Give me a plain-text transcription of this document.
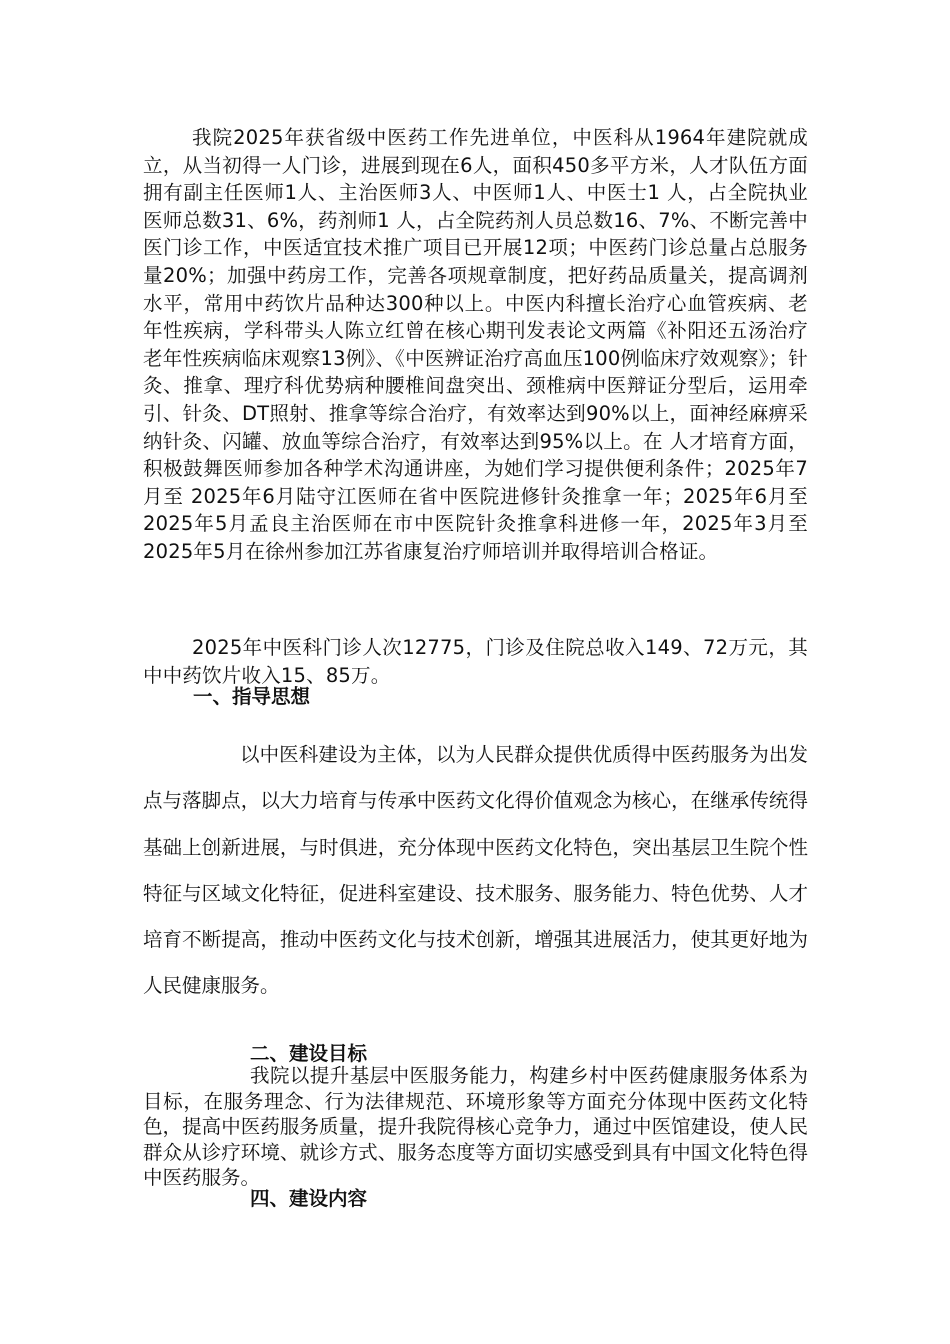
我院2025年获省级中医药工作先进单位，中医科从1964年建院就成立，从当初得一人门诊，进展到现在6人，面积450多平方米，人才队伍方面拥有副主任医师1人、主治医师3人、中医师1人、中医士1 人，占全院执业医师总数31、6%，药剂师1 人，占全院药剂人员总数16、7%、不断完善中医门诊工作，中医适宜技术推广项目已开展12项；中医药门诊总量占总服务量20%；加强中药房工作，完善各项规章制度，把好药品质量关，提高调剂水平，常用中药饮片品种达300种以上。中医内科擅长治疗心血管疾病、老年性疾病，学科带头人陈立红曾在核心期刊发表论文两篇《补阳还五汤治疗老年性疾病临床观察13例》、《中医辨证治疗高血压100例临床疗效观察》；针灸、推拿、理疗科优势病种腰椎间盘突出、颈椎病中医辩证分型后，运用牵引、针灸、DT照射、推拿等综合治疗，有效率达到90%以上，面神经麻痹采纳针灸、闪罐、放血等综合治疗，有效率达到95%以上。在 人才培育方面，积极鼓舞医师参加各种学术沟通讲座，为她们学习提供便利条件；2025年7月至 2025年6月陆守江医师在省中医院进修针灸推拿一年；2025年6月至2025年5月孟良主治医师在市中医院针灸推拿科进修一年，2025年3月至 2025年5月在徐州参加江苏省康复治疗师培训并取得培训合格证。

2025年中医科门诊人次12775，门诊及住院总收入149、72万元，其中中药饮片收入15、85万。

一、指导思想

以中医科建设为主体，以为人民群众提供优质得中医药服务为出发点与落脚点，以大力培育与传承中医药文化得价值观念为核心，在继承传统得基础上创新进展，与时俱进，充分体现中医药文化特色，突出基层卫生院个性特征与区域文化特征，促进科室建设、技术服务、服务能力、特色优势、人才培育不断提高，推动中医药文化与技术创新，增强其进展活力，使其更好地为人民健康服务。

二、建设目标

我院以提升基层中医服务能力，构建乡村中医药健康服务体系为目标，在服务理念、行为法律规范、环境形象等方面充分体现中医药文化特色，提高中医药服务质量，提升我院得核心竞争力，通过中医馆建设，使人民群众从诊疗环境、就诊方式、服务态度等方面切实感受到具有中国文化特色得中医药服务。

四、建设内容
